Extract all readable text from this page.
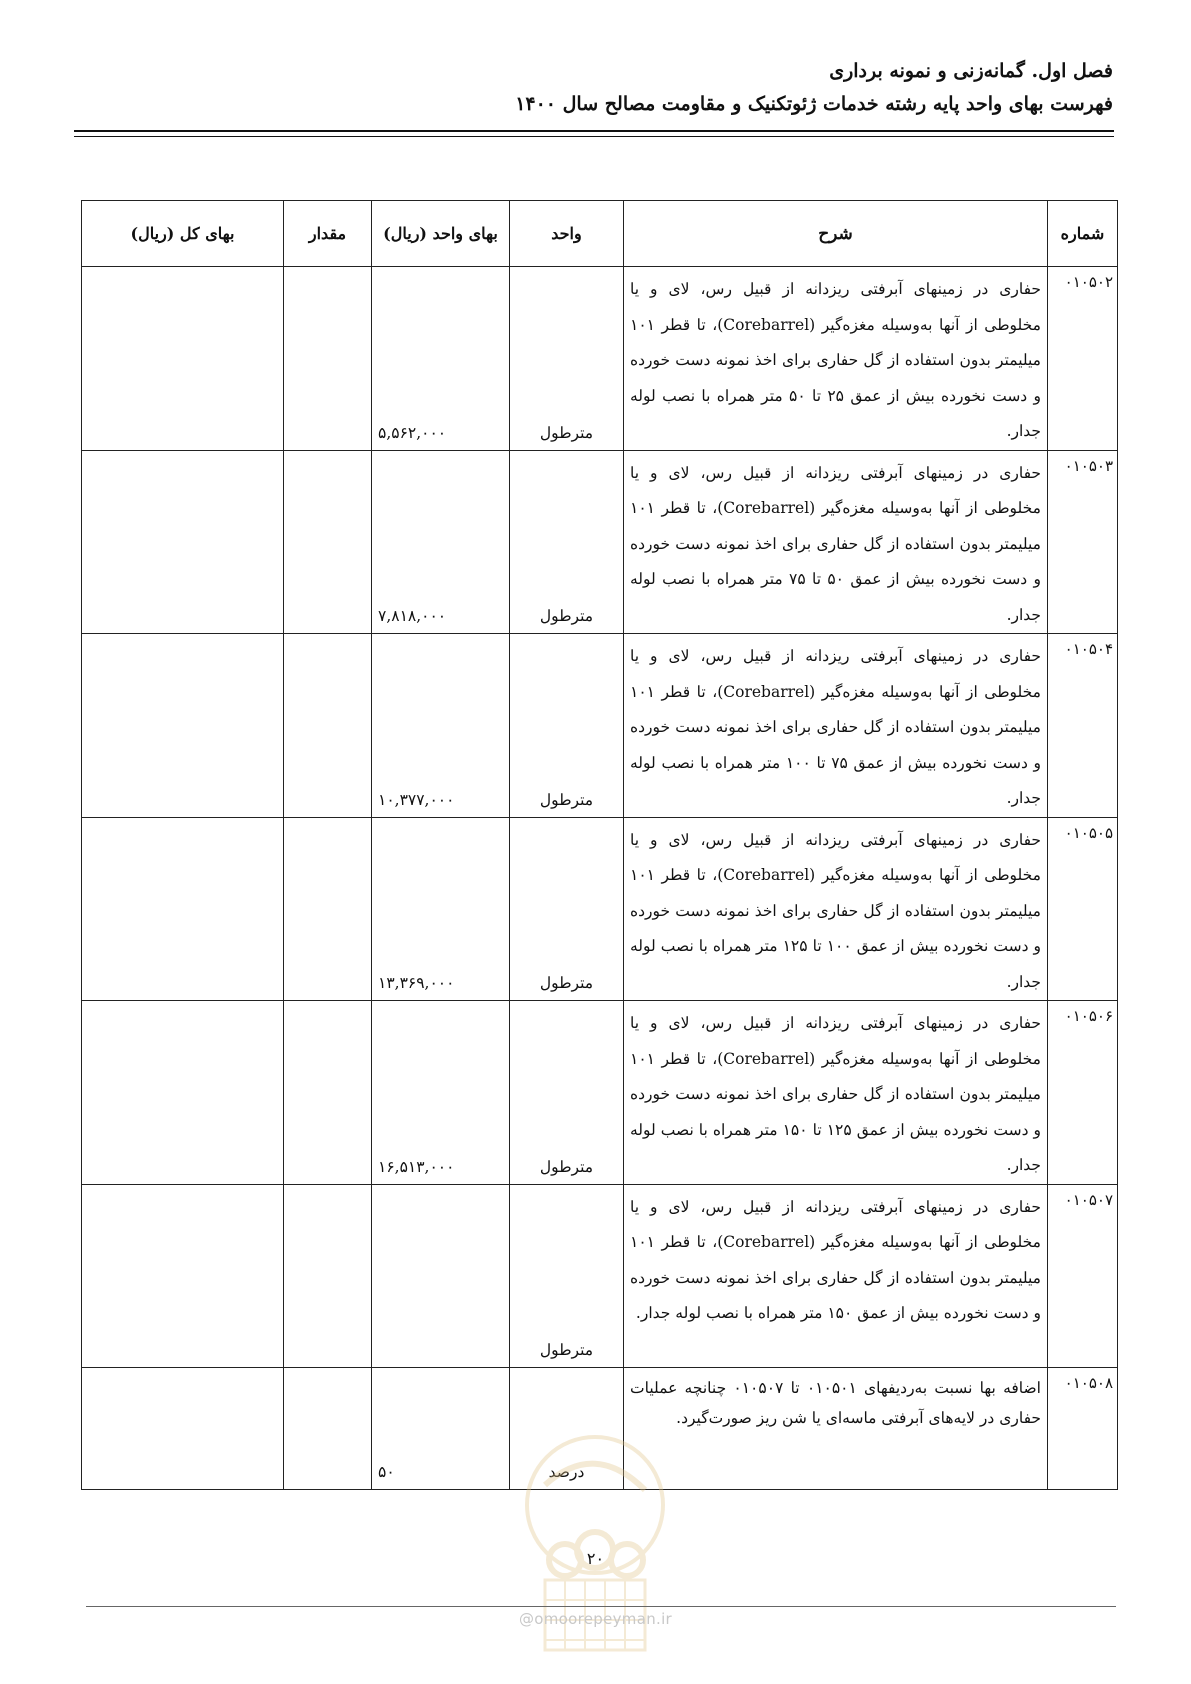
فصل اول. گمانه‌زنی و نمونه برداری
فهرست بهای واحد پایه رشته خدمات ژئوتکنیک و مقاومت مصالح سال ۱۴۰۰
شماره	شرح	واحد	بهای واحد (ریال)	مقدار	بهای کل (ریال)
۰۱۰۵۰۲	حفاری در زمینهای آبرفتی ریزدانه از قبیل رس، لای و یا مخلوطی از آنها به‌وسیله مغزه‌گیر (Corebarrel)، تا قطر ۱۰۱ میلیمتر بدون استفاده از گل حفاری برای اخذ نمونه دست خورده و دست نخورده بیش از عمق ۲۵ تا ۵۰ متر همراه با نصب لوله جدار.	مترطول	۵,۵۶۲,۰۰۰		
۰۱۰۵۰۳	حفاری در زمینهای آبرفتی ریزدانه از قبیل رس، لای و یا مخلوطی از آنها به‌وسیله مغزه‌گیر (Corebarrel)، تا قطر ۱۰۱ میلیمتر بدون استفاده از گل حفاری برای اخذ نمونه دست خورده و دست نخورده بیش از عمق ۵۰ تا ۷۵ متر همراه با نصب لوله جدار.	مترطول	۷,۸۱۸,۰۰۰		
۰۱۰۵۰۴	حفاری در زمینهای آبرفتی ریزدانه از قبیل رس، لای و یا مخلوطی از آنها به‌وسیله مغزه‌گیر (Corebarrel)، تا قطر ۱۰۱ میلیمتر بدون استفاده از گل حفاری برای اخذ نمونه دست خورده و دست نخورده بیش از عمق ۷۵ تا ۱۰۰ متر همراه با نصب لوله جدار.	مترطول	۱۰,۳۷۷,۰۰۰		
۰۱۰۵۰۵	حفاری در زمینهای آبرفتی ریزدانه از قبیل رس، لای و یا مخلوطی از آنها به‌وسیله مغزه‌گیر (Corebarrel)، تا قطر ۱۰۱ میلیمتر بدون استفاده از گل حفاری برای اخذ نمونه دست خورده و دست نخورده بیش از عمق ۱۰۰ تا ۱۲۵ متر همراه با نصب لوله جدار.	مترطول	۱۳,۳۶۹,۰۰۰		
۰۱۰۵۰۶	حفاری در زمینهای آبرفتی ریزدانه از قبیل رس، لای و یا مخلوطی از آنها به‌وسیله مغزه‌گیر (Corebarrel)، تا قطر ۱۰۱ میلیمتر بدون استفاده از گل حفاری برای اخذ نمونه دست خورده و دست نخورده بیش از عمق ۱۲۵ تا ۱۵۰ متر همراه با نصب لوله جدار.	مترطول	۱۶,۵۱۳,۰۰۰		
۰۱۰۵۰۷	حفاری در زمینهای آبرفتی ریزدانه از قبیل رس، لای و یا مخلوطی از آنها به‌وسیله مغزه‌گیر (Corebarrel)، تا قطر ۱۰۱ میلیمتر بدون استفاده از گل حفاری برای اخذ نمونه دست خورده و دست نخورده بیش از عمق ۱۵۰ متر همراه با نصب لوله جدار.	مترطول			
۰۱۰۵۰۸	اضافه بها نسبت به‌ردیفهای ۰۱۰۵۰۱ تا ۰۱۰۵۰۷ چنانچه عملیات حفاری در لایه‌های آبرفتی ماسه‌ای یا شن ریز صورت‌گیرد.	درصد	۵۰		
۲۰
@omoorepeyman.ir
